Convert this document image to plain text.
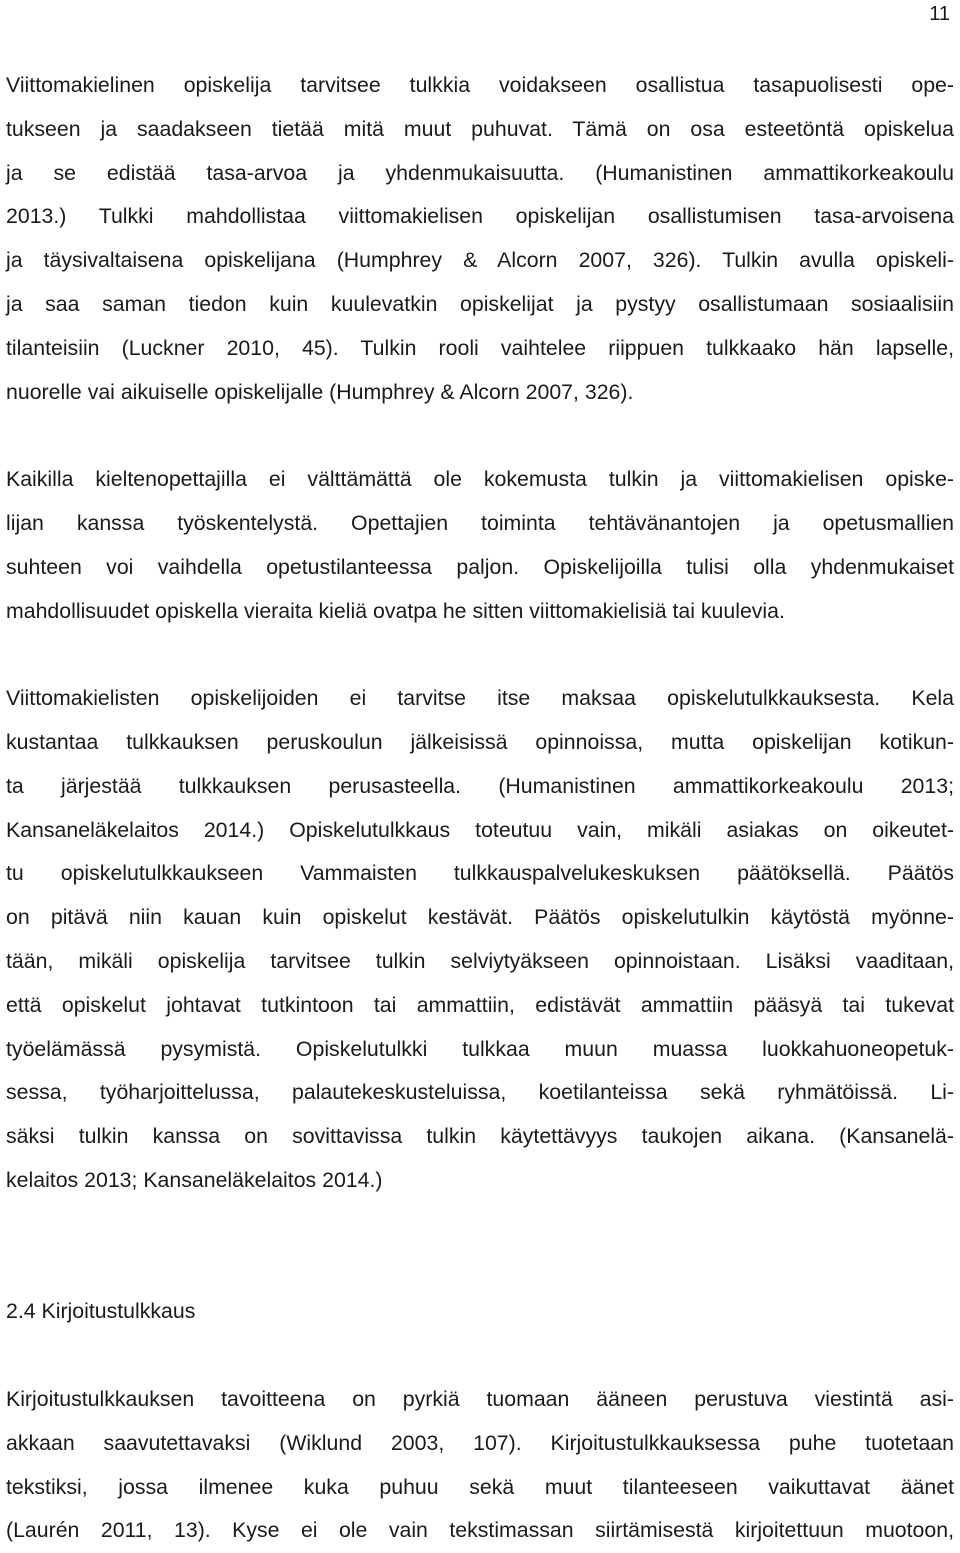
11
Viittomakielinen opiskelija tarvitsee tulkkia voidakseen osallistua tasapuolisesti ope-
tukseen ja saadakseen tietää mitä muut puhuvat. Tämä on osa esteetöntä opiskelua
ja se edistää tasa-arvoa ja yhdenmukaisuutta. (Humanistinen ammattikorkeakoulu
2013.) Tulkki mahdollistaa viittomakielisen opiskelijan osallistumisen tasa-arvoisena
ja täysivaltaisena opiskelijana (Humphrey & Alcorn 2007, 326). Tulkin avulla opiskeli-
ja saa saman tiedon kuin kuulevatkin opiskelijat ja pystyy osallistumaan sosiaalisiin
tilanteisiin (Luckner 2010, 45). Tulkin rooli vaihtelee riippuen tulkkaako hän lapselle,
nuorelle vai aikuiselle opiskelijalle (Humphrey & Alcorn 2007, 326).
Kaikilla kieltenopettajilla ei välttämättä ole kokemusta tulkin ja viittomakielisen opiske-
lijan kanssa työskentelystä. Opettajien toiminta tehtävänantojen ja opetusmallien
suhteen voi vaihdella opetustilanteessa paljon. Opiskelijoilla tulisi olla yhdenmukaiset
mahdollisuudet opiskella vieraita kieliä ovatpa he sitten viittomakielisiä tai kuulevia.
Viittomakielisten opiskelijoiden ei tarvitse itse maksaa opiskelutulkkauksesta. Kela
kustantaa tulkkauksen peruskoulun jälkeisissä opinnoissa, mutta opiskelijan kotikun-
ta järjestää tulkkauksen perusasteella. (Humanistinen ammattikorkeakoulu 2013;
Kansaneläkelaitos 2014.) Opiskelutulkkaus toteutuu vain, mikäli asiakas on oikeutet-
tu opiskelutulkkaukseen Vammaisten tulkkauspalvelukeskuksen päätöksellä. Päätös
on pitävä niin kauan kuin opiskelut kestävät. Päätös opiskelutulkin käytöstä myönne-
tään, mikäli opiskelija tarvitsee tulkin selviytyäkseen opinnoistaan. Lisäksi vaaditaan,
että opiskelut johtavat tutkintoon tai ammattiin, edistävät ammattiin pääsyä tai tukevat
työelämässä pysymistä. Opiskelutulkki tulkkaa muun muassa luokkahuoneopetuk-
sessa, työharjoittelussa, palautekeskusteluissa, koetilanteissa sekä ryhmätöissä. Li-
säksi tulkin kanssa on sovittavissa tulkin käytettävyys taukojen aikana. (Kansanelä-
kelaitos 2013; Kansaneläkelaitos 2014.)
2.4 Kirjoitustulkkaus
Kirjoitustulkkauksen tavoitteena on pyrkiä tuomaan ääneen perustuva viestintä asi-
akkaan saavutettavaksi (Wiklund 2003, 107). Kirjoitustulkkauksessa puhe tuotetaan
tekstiksi, jossa ilmenee kuka puhuu sekä muut tilanteeseen vaikuttavat äänet
(Laurén 2011, 13). Kyse ei ole vain tekstimassan siirtämisestä kirjoitettuun muotoon,
